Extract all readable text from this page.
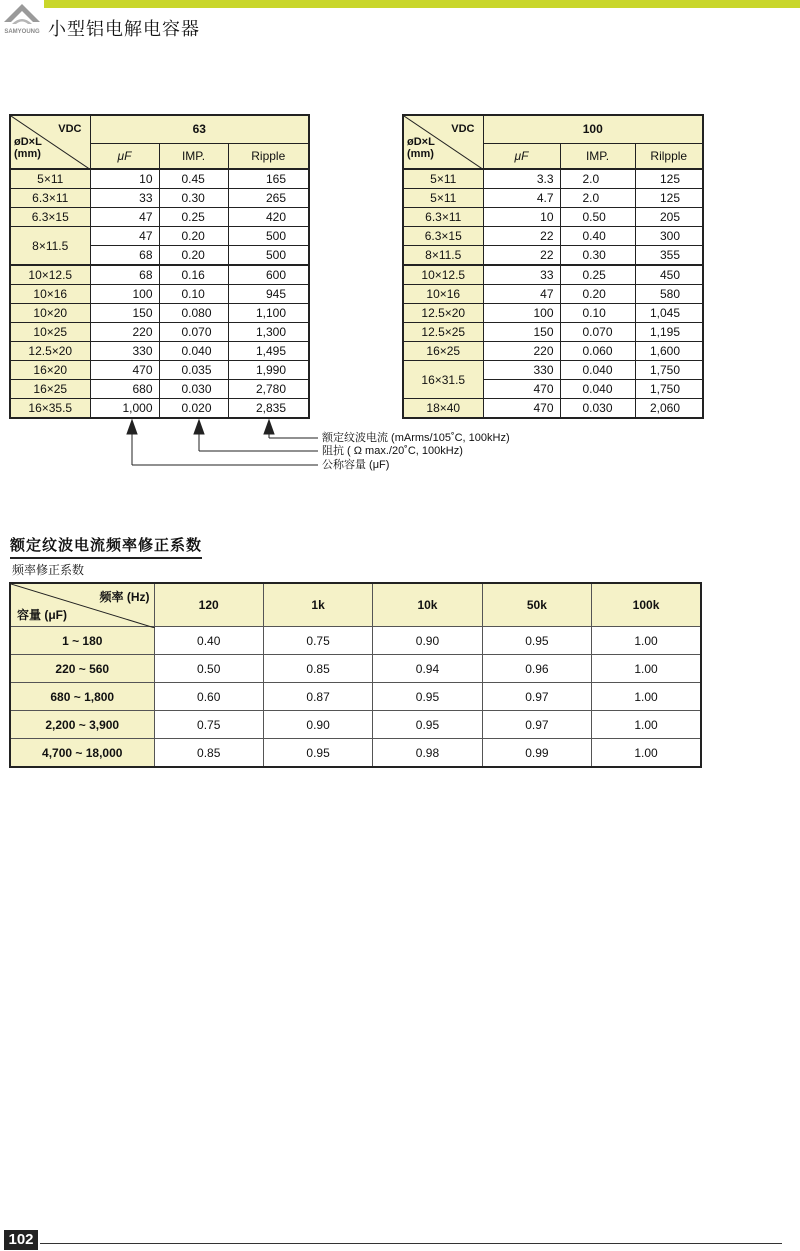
SAMYOUNG 小型铝电解电容器
VDC
øD×L
(mm)	63		
	μF	IMP.	Ripple
5×11	10	0.45	165
6.3×11	33	0.30	265
6.3×15	47	0.25	420
8×11.5	47	0.20	500
	68	0.20	500
10×12.5	68	0.16	600
10×16	100	0.10	945
10×20	150	0.080	1,100
10×25	220	0.070	1,300
12.5×20	330	0.040	1,495
16×20	470	0.035	1,990
16×25	680	0.030	2,780
16×35.5	1,000	0.020	2,835
VDC
øD×L
(mm)	100		
	μF	IMP.	Rilpple
5×11	3.3	2.0	125
5×11	4.7	2.0	125
6.3×11	10	0.50	205
6.3×15	22	0.40	300
8×11.5	22	0.30	355
10×12.5	33	0.25	450
10×16	47	0.20	580
12.5×20	100	0.10	1,045
12.5×25	150	0.070	1,195
16×25	220	0.060	1,600
16×31.5	330	0.040	1,750
	470	0.040	1,750
18×40	470	0.030	2,060
额定纹波电流 (mArms/105˚C, 100kHz)
阻抗 ( Ω max./20˚C, 100kHz)
公称容量 (μF)
额定纹波电流频率修正系数
频率修正系数
频率 (Hz)
容量 (μF)	120	1k	10k	50k	100k
1 ~ 180	0.40	0.75	0.90	0.95	1.00
220 ~ 560	0.50	0.85	0.94	0.96	1.00
680 ~ 1,800	0.60	0.87	0.95	0.97	1.00
2,200 ~ 3,900	0.75	0.90	0.95	0.97	1.00
4,700 ~ 18,000	0.85	0.95	0.98	0.99	1.00
102
